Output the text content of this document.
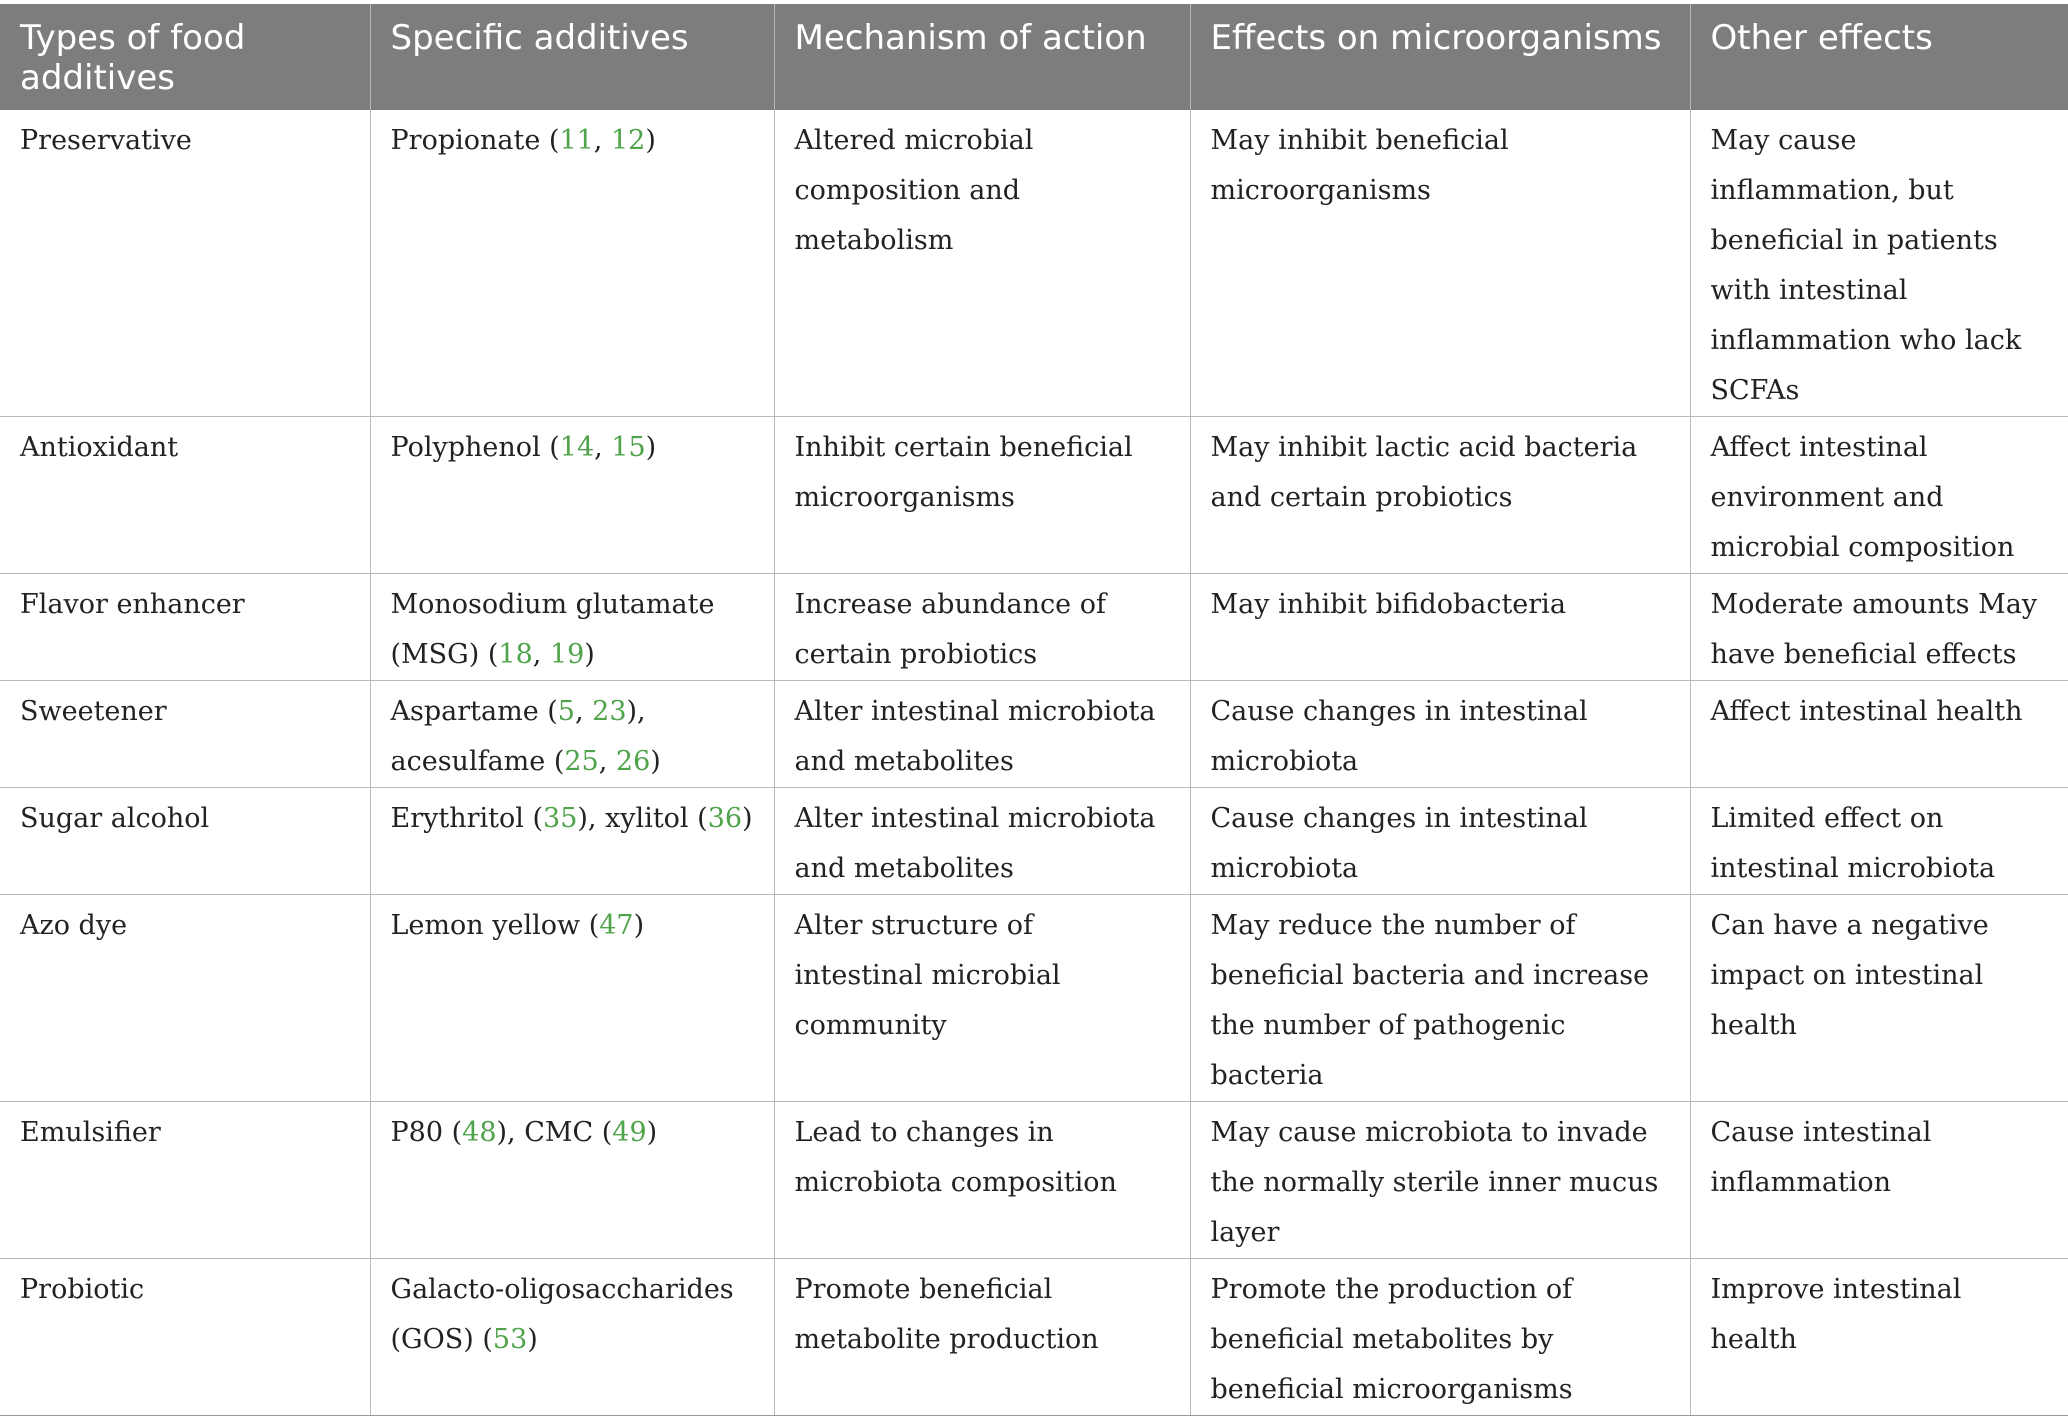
Types of food additives	Specific additives	Mechanism of action	Effects on microorganisms	Other effects
Preservative	Propionate (11, 12)	Altered microbial composition and metabolism	May inhibit beneficial microorganisms	May cause inflammation, but beneficial in patients with intestinal inflammation who lack SCFAs
Antioxidant	Polyphenol (14, 15)	Inhibit certain beneficial microorganisms	May inhibit lactic acid bacteria and certain probiotics	Affect intestinal environment and microbial composition
Flavor enhancer	Monosodium glutamate (MSG) (18, 19)	Increase abundance of certain probiotics	May inhibit bifidobacteria	Moderate amounts May have beneficial effects
Sweetener	Aspartame (5, 23), acesulfame (25, 26)	Alter intestinal microbiota and metabolites	Cause changes in intestinal microbiota	Affect intestinal health
Sugar alcohol	Erythritol (35), xylitol (36)	Alter intestinal microbiota and metabolites	Cause changes in intestinal microbiota	Limited effect on intestinal microbiota
Azo dye	Lemon yellow (47)	Alter structure of intestinal microbial community	May reduce the number of beneficial bacteria and increase the number of pathogenic bacteria	Can have a negative impact on intestinal health
Emulsifier	P80 (48), CMC (49)	Lead to changes in microbiota composition	May cause microbiota to invade the normally sterile inner mucus layer	Cause intestinal inflammation
Probiotic	Galacto-oligosaccharides (GOS) (53)	Promote beneficial metabolite production	Promote the production of beneficial metabolites by beneficial microorganisms	Improve intestinal health
